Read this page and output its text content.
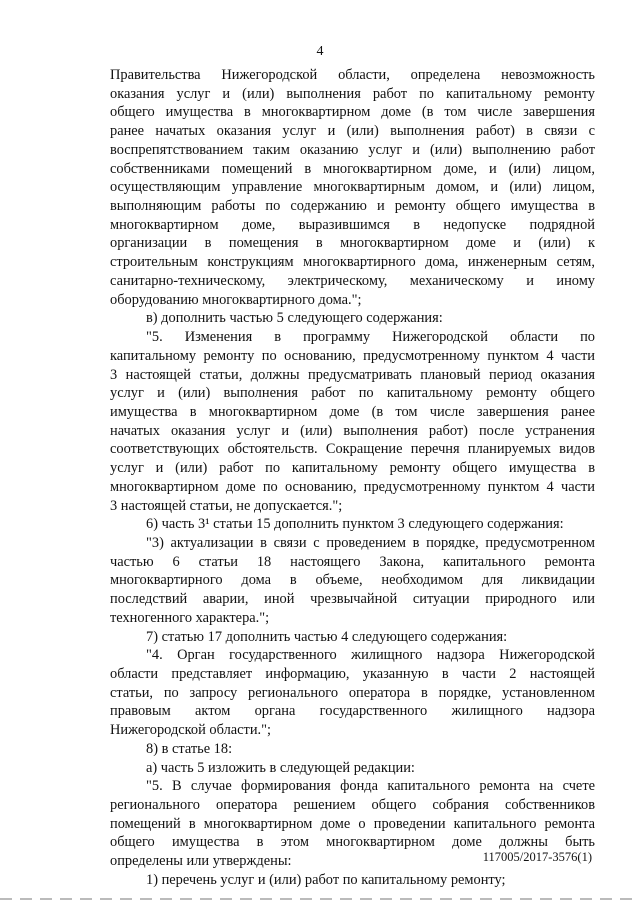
4
Правительства Нижегородской области, определена невозможность
оказания услуг и (или) выполнения работ по капитальному ремонту
общего имущества в многоквартирном доме (в том числе завершения
ранее начатых оказания услуг и (или) выполнения работ) в связи с
воспрепятствованием таким оказанию услуг и (или) выполнению работ
собственниками помещений в многоквартирном доме, и (или) лицом,
осуществляющим управление многоквартирным домом, и (или) лицом,
выполняющим работы по содержанию и ремонту общего имущества в
многоквартирном доме, выразившимся в недопуске подрядной
организации в помещения в многоквартирном доме и (или) к
строительным конструкциям многоквартирного дома, инженерным сетям,
санитарно-техническому, электрическому, механическому и иному
оборудованию многоквартирного дома.";
в) дополнить частью 5 следующего содержания:
"5. Изменения в программу Нижегородской области по
капитальному ремонту по основанию, предусмотренному пунктом 4 части
3 настоящей статьи, должны предусматривать плановый период оказания
услуг и (или) выполнения работ по капитальному ремонту общего
имущества в многоквартирном доме (в том числе завершения ранее
начатых оказания услуг и (или) выполнения работ) после устранения
соответствующих обстоятельств. Сокращение перечня планируемых видов
услуг и (или) работ по капитальному ремонту общего имущества в
многоквартирном доме по основанию, предусмотренному пунктом 4 части
3 настоящей статьи, не допускается.";
6) часть 3¹ статьи 15 дополнить пунктом 3 следующего содержания:
"3) актуализации в связи с проведением в порядке, предусмотренном
частью 6 статьи 18 настоящего Закона, капитального ремонта
многоквартирного дома в объеме, необходимом для ликвидации
последствий аварии, иной чрезвычайной ситуации природного или
техногенного характера.";
7) статью 17 дополнить частью 4 следующего содержания:
"4. Орган государственного жилищного надзора Нижегородской
области представляет информацию, указанную в части 2 настоящей
статьи, по запросу регионального оператора в порядке, установленном
правовым актом органа государственного жилищного надзора
Нижегородской области.";
8) в статье 18:
а) часть 5 изложить в следующей редакции:
"5. В случае формирования фонда капитального ремонта на счете
регионального оператора решением общего собрания собственников
помещений в многоквартирном доме о проведении капитального ремонта
общего имущества в этом многоквартирном доме должны быть
определены или утверждены:
1) перечень услуг и (или) работ по капитальному ремонту;
117005/2017-3576(1)
